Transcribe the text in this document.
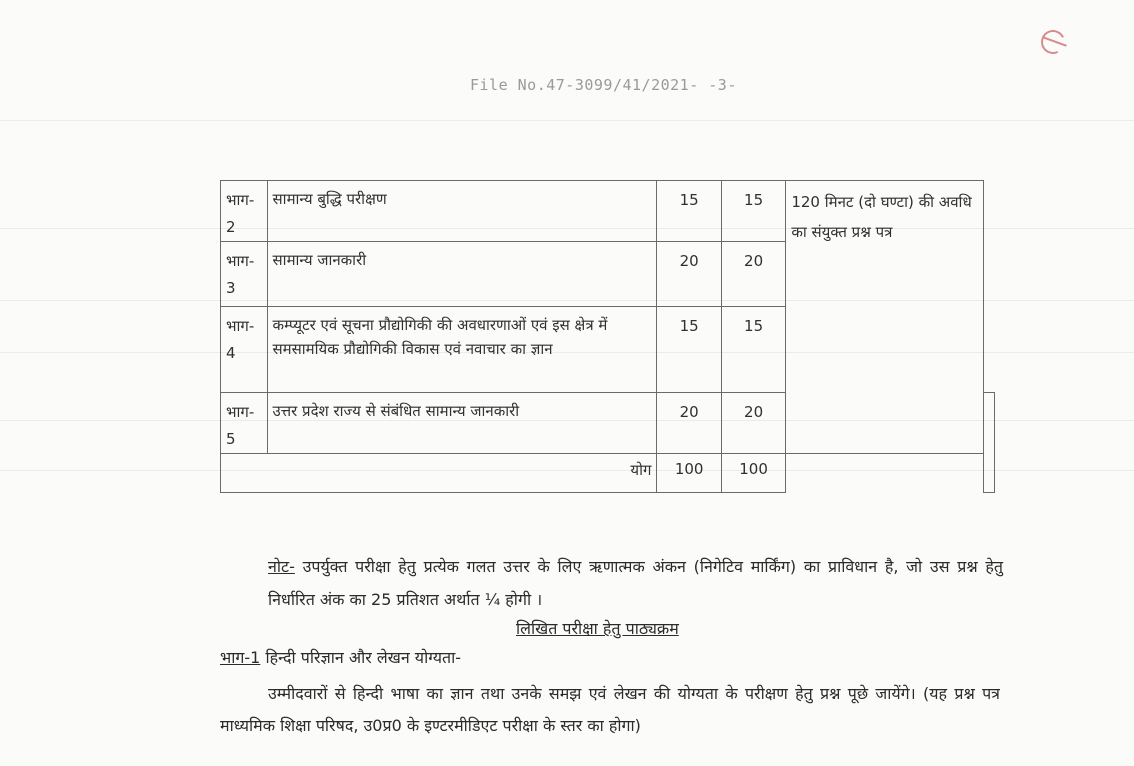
File No.47-3099/41/2021- -3-
भाग- 2	सामान्य बुद्धि परीक्षण	15	15	120 मिनट (दो घण्टा) की अवधि का संयुक्त प्रश्न पत्र	
भाग- 3	सामान्य जानकारी	20	20		
भाग- 4	कम्प्यूटर एवं सूचना प्रौद्योगिकी की अवधारणाओं एवं इस क्षेत्र में समसामयिक प्रौद्योगिकी विकास एवं नवाचार का ज्ञान	15	15		
भाग- 5	उत्तर प्रदेश राज्य से संबंधित सामान्य जानकारी	20	20		
योग		100	100		
नोट- उपर्युक्त परीक्षा हेतु प्रत्येक गलत उत्तर के लिए ऋणात्मक अंकन (निगेटिव मार्किंग) का प्राविधान है, जो उस प्रश्न हेतु निर्धारित अंक का 25 प्रतिशत अर्थात ¼ होगी ।
लिखित परीक्षा हेतु पाठ्यक्रम
भाग-1 हिन्दी परिज्ञान और लेखन योग्यता-
उम्मीदवारों से हिन्दी भाषा का ज्ञान तथा उनके समझ एवं लेखन की योग्यता के परीक्षण हेतु प्रश्न पूछे जायेंगे। (यह प्रश्न पत्र माध्यमिक शिक्षा परिषद, उ0प्र0 के इण्टरमीडिएट परीक्षा के स्तर का होगा)
